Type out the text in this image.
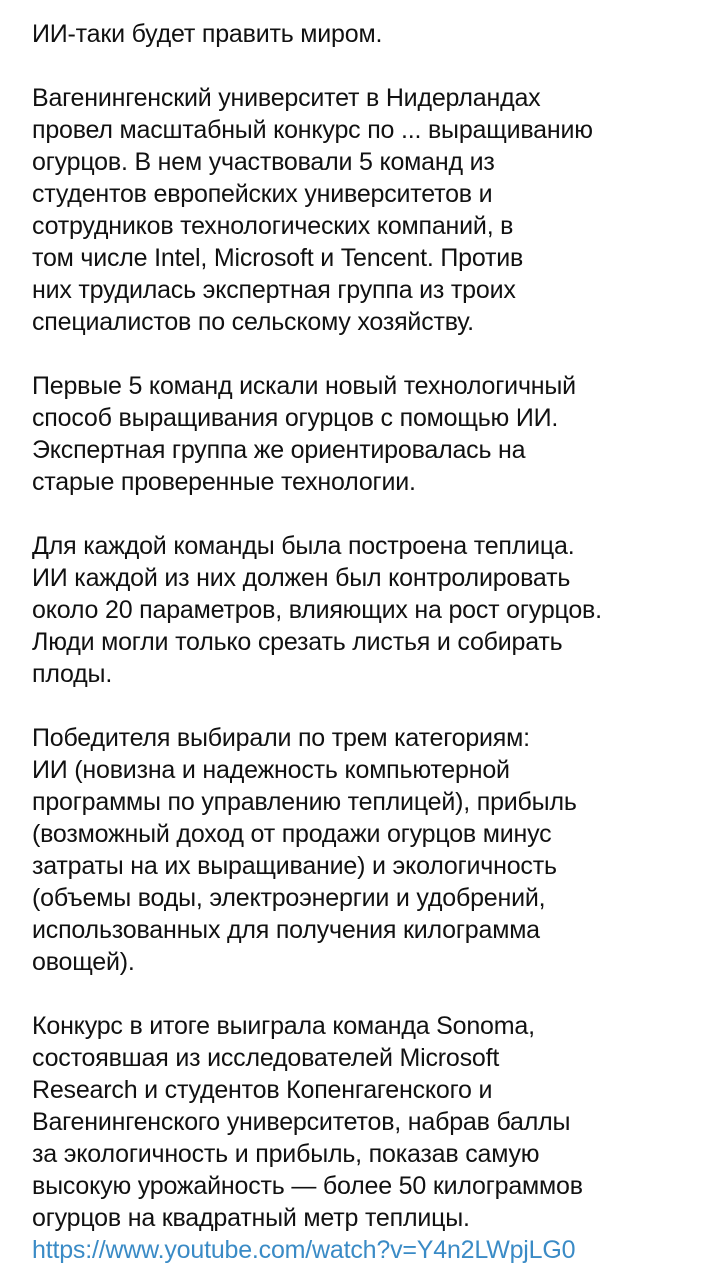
ИИ-таки будет править миром.
Вагенингенский университет в Нидерландах
провел масштабный конкурс по ... выращиванию
огурцов. В нем участвовали 5 команд из
студентов европейских университетов и
сотрудников технологических компаний, в
том числе Intel, Microsoft и Tencent. Против
них трудилась экспертная группа из троих
специалистов по сельскому хозяйству.
Первые 5 команд искали новый технологичный
способ выращивания огурцов с помощью ИИ.
Экспертная группа же ориентировалась на
старые проверенные технологии.
Для каждой команды была построена теплица.
ИИ каждой из них должен был контролировать
около 20 параметров, влияющих на рост огурцов.
Люди могли только срезать листья и собирать
плоды.
Победителя выбирали по трем категориям:
ИИ (новизна и надежность компьютерной
программы по управлению теплицей), прибыль
(возможный доход от продажи огурцов минус
затраты на их выращивание) и экологичность
(объемы воды, электроэнергии и удобрений,
использованных для получения килограмма
овощей).
Конкурс в итоге выиграла команда Sonoma,
состоявшая из исследователей Microsoft
Research и студентов Копенгагенского и
Вагенингенского университетов, набрав баллы
за экологичность и прибыль, показав самую
высокую урожайность — более 50 килограммов
огурцов на квадратный метр теплицы.
https://www.youtube.com/watch?v=Y4n2LWpjLG0
